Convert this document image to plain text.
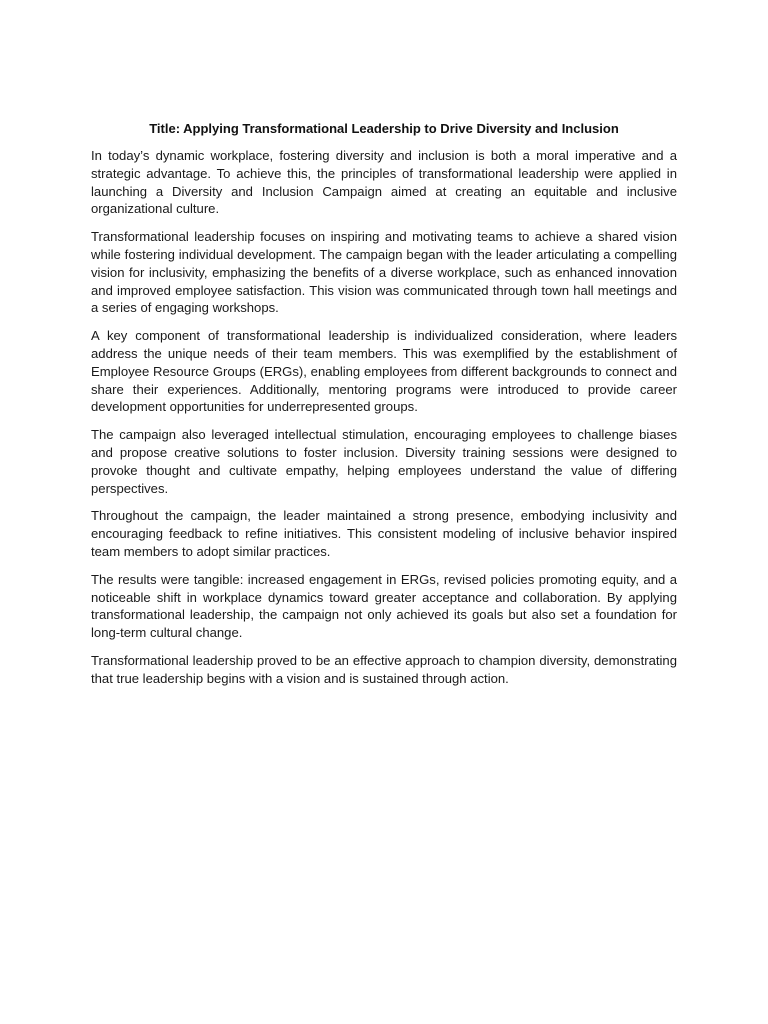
Title: Applying Transformational Leadership to Drive Diversity and Inclusion

In today’s dynamic workplace, fostering diversity and inclusion is both a moral imperative and a strategic advantage. To achieve this, the principles of transformational leadership were applied in launching a Diversity and Inclusion Campaign aimed at creating an equitable and inclusive organizational culture.

Transformational leadership focuses on inspiring and motivating teams to achieve a shared vision while fostering individual development. The campaign began with the leader articulating a compelling vision for inclusivity, emphasizing the benefits of a diverse workplace, such as enhanced innovation and improved employee satisfaction. This vision was communicated through town hall meetings and a series of engaging workshops.

A key component of transformational leadership is individualized consideration, where leaders address the unique needs of their team members. This was exemplified by the establishment of Employee Resource Groups (ERGs), enabling employees from different backgrounds to connect and share their experiences. Additionally, mentoring programs were introduced to provide career development opportunities for underrepresented groups.

The campaign also leveraged intellectual stimulation, encouraging employees to challenge biases and propose creative solutions to foster inclusion. Diversity training sessions were designed to provoke thought and cultivate empathy, helping employees understand the value of differing perspectives.

Throughout the campaign, the leader maintained a strong presence, embodying inclusivity and encouraging feedback to refine initiatives. This consistent modeling of inclusive behavior inspired team members to adopt similar practices.

The results were tangible: increased engagement in ERGs, revised policies promoting equity, and a noticeable shift in workplace dynamics toward greater acceptance and collaboration. By applying transformational leadership, the campaign not only achieved its goals but also set a foundation for long-term cultural change.

Transformational leadership proved to be an effective approach to champion diversity, demonstrating that true leadership begins with a vision and is sustained through action.
